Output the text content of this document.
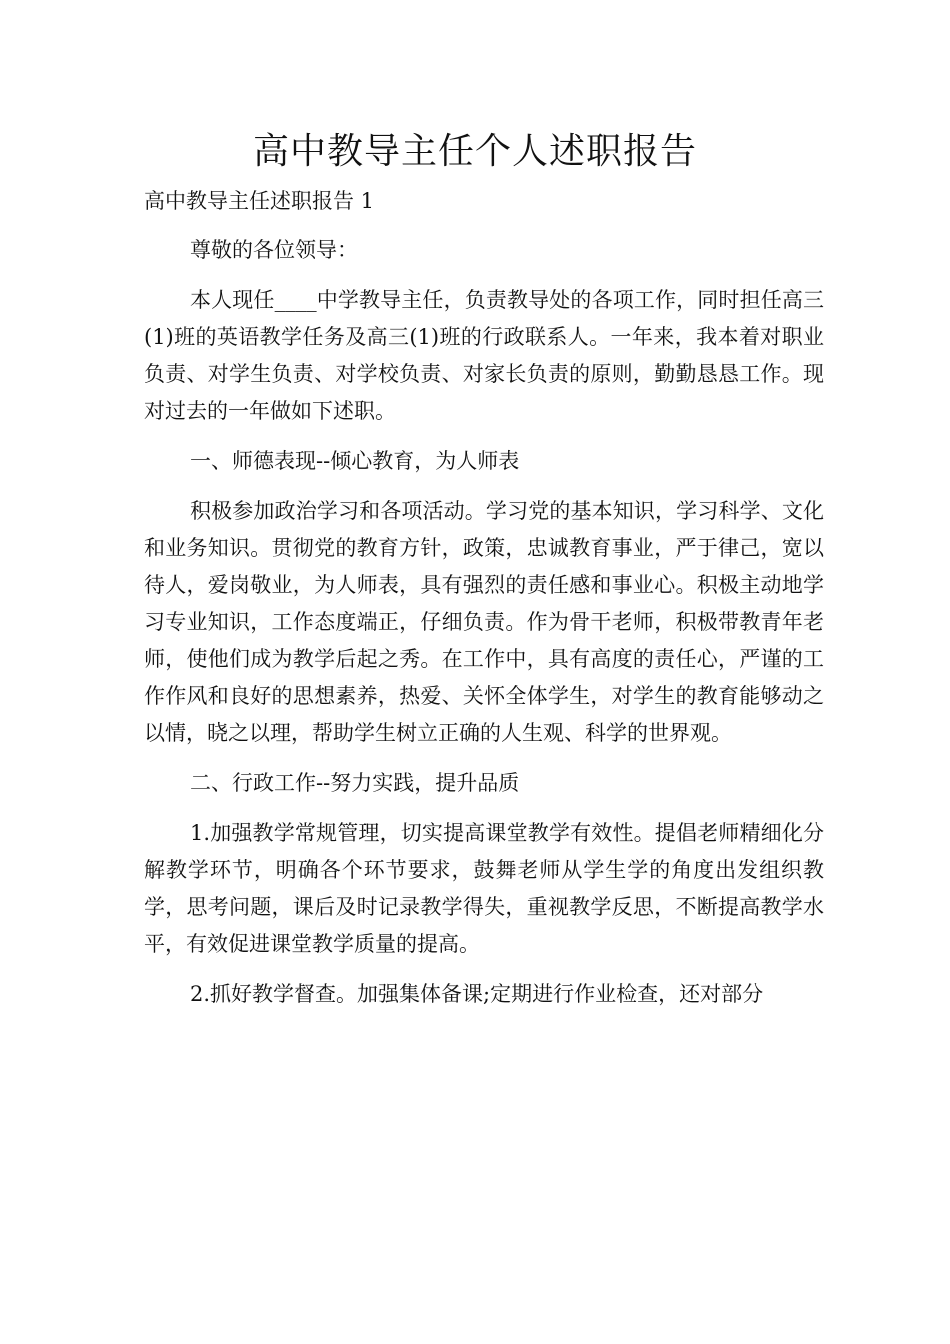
高中教导主任个人述职报告

高中教导主任述职报告 1

尊敬的各位领导：

本人现任____中学教导主任，负责教导处的各项工作，同时担任高三(1)班的英语教学任务及高三(1)班的行政联系人。一年来，我本着对职业负责、对学生负责、对学校负责、对家长负责的原则，勤勤恳恳工作。现对过去的一年做如下述职。

一、师德表现--倾心教育，为人师表

积极参加政治学习和各项活动。学习党的基本知识，学习科学、文化和业务知识。贯彻党的教育方针，政策，忠诚教育事业，严于律己，宽以待人，爱岗敬业，为人师表，具有强烈的责任感和事业心。积极主动地学习专业知识，工作态度端正，仔细负责。作为骨干老师，积极带教青年老师，使他们成为教学后起之秀。在工作中，具有高度的责任心，严谨的工作作风和良好的思想素养，热爱、关怀全体学生，对学生的教育能够动之以情，晓之以理，帮助学生树立正确的人生观、科学的世界观。

二、行政工作--努力实践，提升品质

1.加强教学常规管理，切实提高课堂教学有效性。提倡老师精细化分解教学环节，明确各个环节要求，鼓舞老师从学生学的角度出发组织教学，思考问题，课后及时记录教学得失，重视教学反思，不断提高教学水平，有效促进课堂教学质量的提高。

2.抓好教学督查。加强集体备课;定期进行作业检查，还对部分
